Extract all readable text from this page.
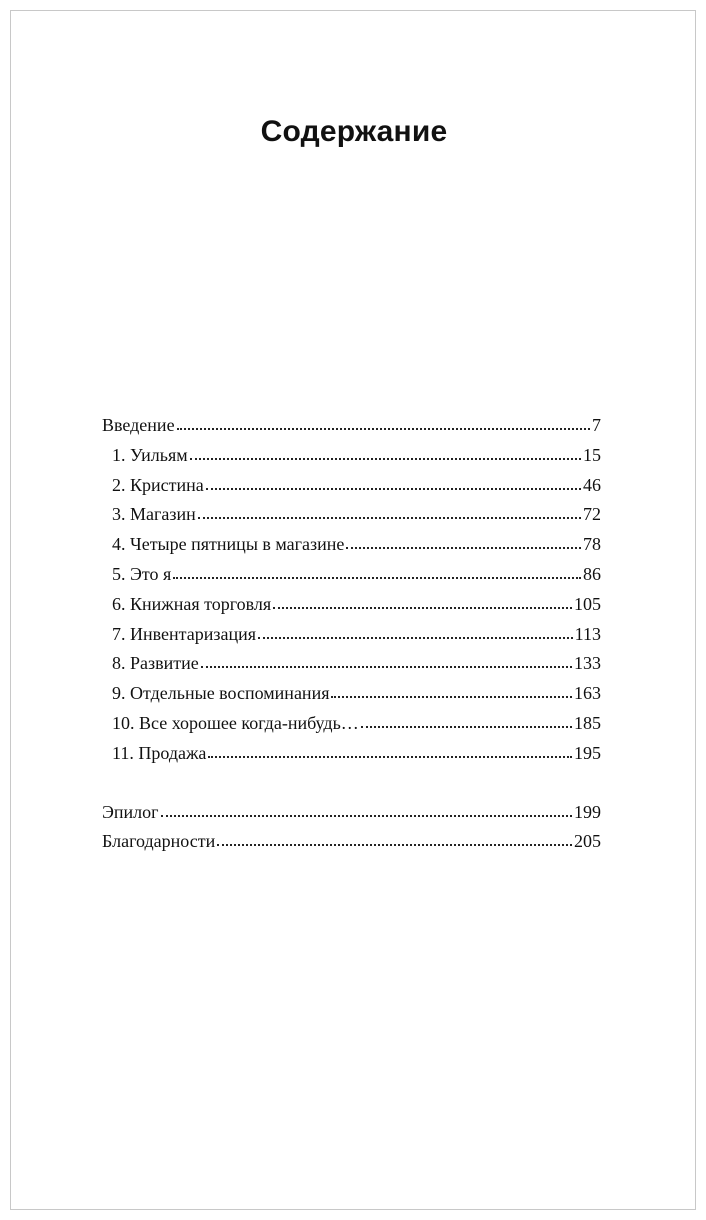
Содержание
Введение	7
1. Уильям	15
2. Кристина	46
3. Магазин	72
4. Четыре пятницы в магазине	78
5. Это я	86
6. Книжная торговля	105
7. Инвентаризация	113
8. Развитие	133
9. Отдельные воспоминания	163
10. Все хорошее когда-нибудь…	185
11. Продажа	195
Эпилог	199
Благодарности	205
